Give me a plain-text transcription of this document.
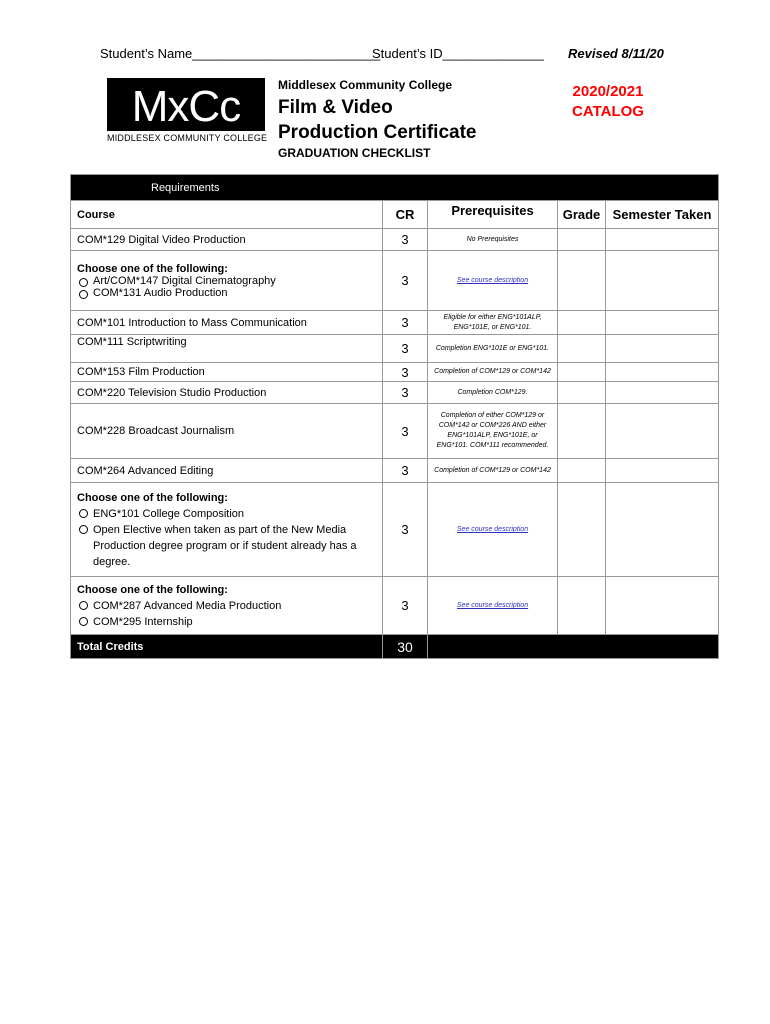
Student’s Name__________________________
Student’s ID______________ Revised 8/11/20
MxCc
MIDDLESEX COMMUNITY COLLEGE
Middlesex Community College
Film & Video
Production Certificate
GRADUATION CHECKLIST
2020/2021
CATALOG
Requirements				
Course	CR	Prerequisites	Grade	Semester Taken
COM*129 Digital Video Production	3	No Prerequisites		

Choose one of the following:
Art/COM*147 Digital Cinematography
COM*131 Audio Production	3	See course description		
COM*101 Introduction to Mass Communication	3	Eligible for either ENG*101ALP, ENG*101E, or ENG*101.		
COM*111 Scriptwriting	3	Completion ENG*101E or ENG*101.		
COM*153 Film Production	3	Completion of COM*129 or COM*142		
COM*220 Television Studio Production	3	Completion COM*129.		
COM*228 Broadcast Journalism	3	Completion of either COM*129 or COM*142 or COM*226 AND either ENG*101ALP, ENG*101E, or ENG*101. COM*111 recommended.		
COM*264 Advanced Editing	3	Completion of COM*129 or COM*142		

Choose one of the following:
ENG*101 College Composition
Open Elective when taken as part of the New Media Production degree program or if student already has a degree.	3	See course description		

Choose one of the following:
COM*287 Advanced Media Production
COM*295 Internship	3	See course description		
Total Credits	30			
